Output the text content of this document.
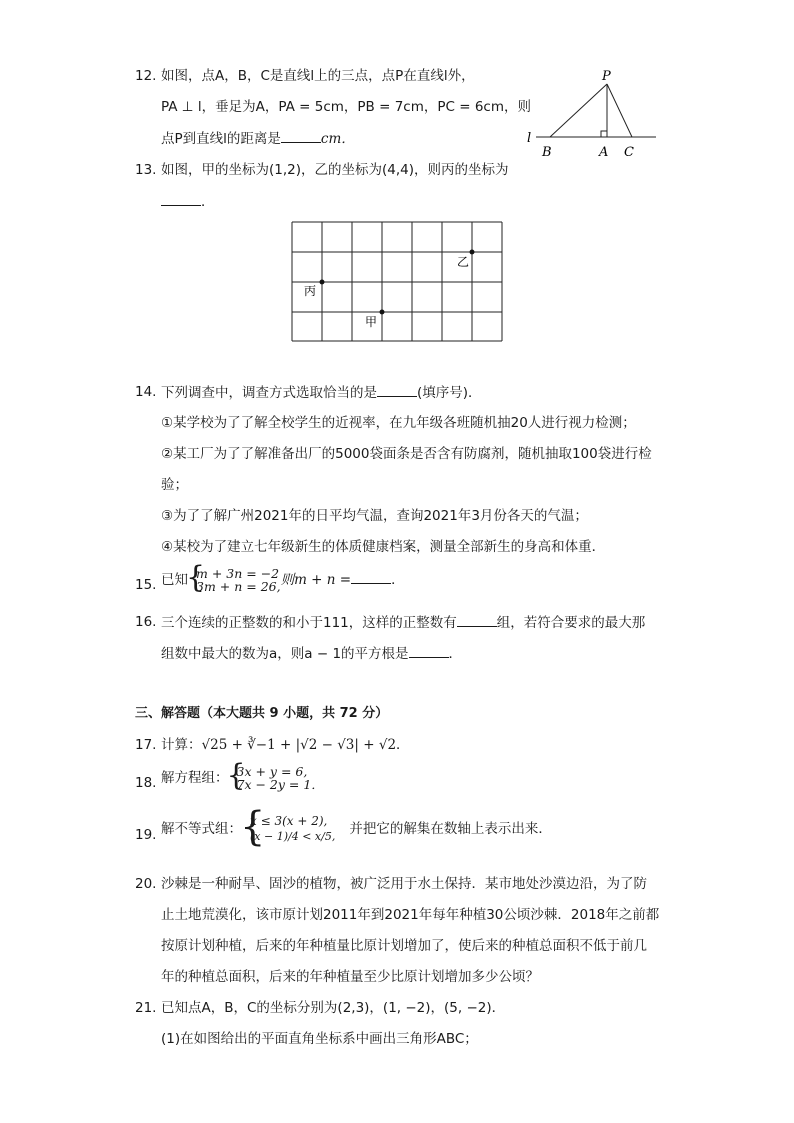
12. 如图，点A，B，C是直线l上的三点，点P在直线l外，
PA ⊥ l，垂足为A，PA = 5cm，PB = 7cm，PC = 6cm，则
点P到直线l的距离是	cm．
P
l
B	A C
13. 如图，甲的坐标为(1,2)，乙的坐标为(4,4)，则丙的坐标为
．
乙
丙
甲
14. 下列调查中，调查方式选取恰当的是	(填序号)．
①某学校为了了解全校学生的近视率，在九年级各班随机抽20人进行视力检测；
②某工厂为了了解准备出厂的5000袋面条是否含有防腐剂，随机抽取100袋进行检
验；
③为了了解广州2021年的日平均气温，查询2021年3月份各天的气温；
④某校为了建立七年级新生的体质健康档案，测量全部新生的身高和体重．
15. 已知
{
m + 3n = −2
3m + n = 26, 则m + n =	．
16. 三个连续的正整数的和小于111，这样的正整数有	组，若符合要求的最大那
组数中最大的数为a，则a − 1的平方根是	．
三、解答题（本大题共 9 小题，共 72 分）
17. 计算：√25 + ∛−1 + |√2 − √3| + √2．
18. 解方程组：
{
3x + y = 6,
7x − 2y = 1．
19. 解不等式组：
{
x ≤ 3(x + 2),
(x − 1)/4 < x/5, 并把它的解集在数轴上表示出来．
20. 沙棘是一种耐旱、固沙的植物，被广泛用于水土保持．某市地处沙漠边沿，为了防
止土地荒漠化，该市原计划2011年到2021年每年种植30公顷沙棘．2018年之前都
按原计划种植，后来的年种植量比原计划增加了，使后来的种植总面积不低于前几
年的种植总面积，后来的年种植量至少比原计划增加多少公顷？
21. 已知点A，B，C的坐标分别为(2,3)，(1, −2)，(5, −2)．
(1)在如图给出的平面直角坐标系中画出三角形ABC；
